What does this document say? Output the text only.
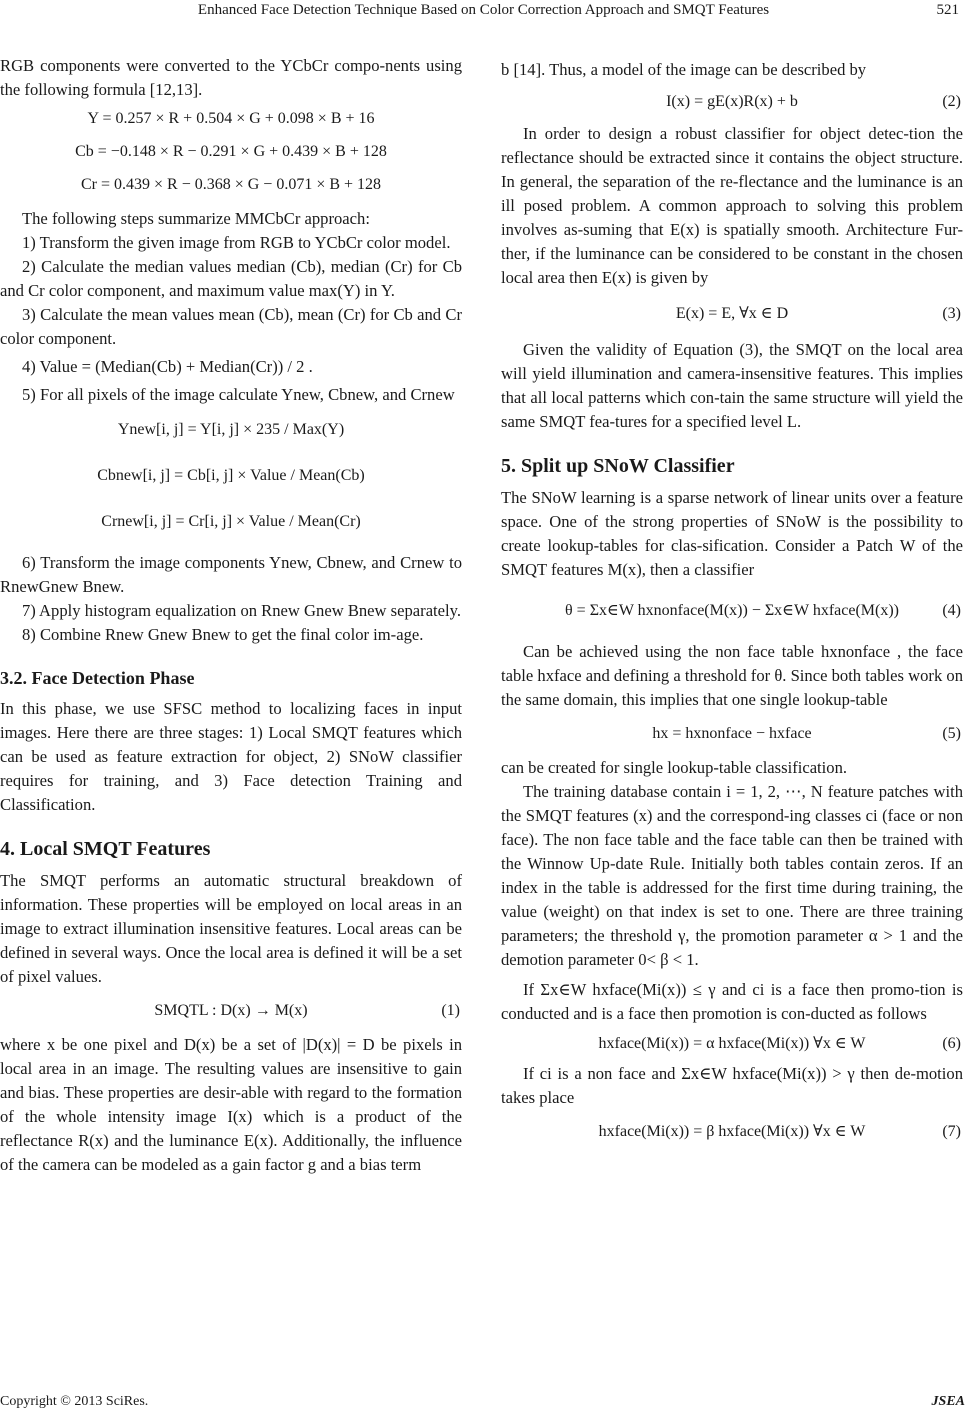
Enhanced Face Detection Technique Based on Color Correction Approach and SMQT Features	521

RGB components were converted to the YCbCr compo-nents using the following formula [12,13].

Y = 0.257 × R + 0.504 × G + 0.098 × B + 16
Cb = −0.148 × R − 0.291 × G + 0.439 × B + 128
Cr = 0.439 × R − 0.368 × G − 0.071 × B + 128

The following steps summarize MMCbCr approach:

1) Transform the given image from RGB to YCbCr color model.

2) Calculate the median values median (Cb), median (Cr) for Cb and Cr color component, and maximum value max(Y) in Y.

3) Calculate the mean values mean (Cb), mean (Cr) for Cb and Cr color component.

4) Value = (Median(Cb) + Median(Cr)) / 2 .

5) For all pixels of the image calculate Ynew, Cbnew, and Crnew

Ynew[i, j] = Y[i, j] × 235 / Max(Y)
Cbnew[i, j] = Cb[i, j] × Value / Mean(Cb)
Crnew[i, j] = Cr[i, j] × Value / Mean(Cr)

6) Transform the image components Ynew, Cbnew, and Crnew to RnewGnew Bnew.

7) Apply histogram equalization on Rnew Gnew Bnew separately.

8) Combine Rnew Gnew Bnew to get the final color im-age.

3.2. Face Detection Phase

In this phase, we use SFSC method to localizing faces in input images. Here there are three stages: 1) Local SMQT features which can be used as feature extraction for object, 2) SNoW classifier requires for training, and 3) Face detection Training and Classification.

4. Local SMQT Features

The SMQT performs an automatic structural breakdown of information. These properties will be employed on local areas in an image to extract illumination insensitive features. Local areas can be defined in several ways. Once the local area is defined it will be a set of pixel values.

SMQTL : D(x) → M(x)	(1)

where x be one pixel and D(x) be a set of |D(x)| = D be pixels in local area in an image. The resulting values are insensitive to gain and bias. These properties are desir-able with regard to the formation of the whole intensity image I(x) which is a product of the reflectance R(x) and the luminance E(x). Additionally, the influence of the camera can be modeled as a gain factor g and a bias term

b [14]. Thus, a model of the image can be described by

I(x) = gE(x)R(x) + b	(2)

In order to design a robust classifier for object detec-tion the reflectance should be extracted since it contains the object structure. In general, the separation of the re-flectance and the luminance is an ill posed problem. A common approach to solving this problem involves as-suming that E(x) is spatially smooth. Architecture Fur-ther, if the luminance can be considered to be constant in the chosen local area then E(x) is given by

E(x) = E, ∀x ∈ D	(3)

Given the validity of Equation (3), the SMQT on the local area will yield illumination and camera-insensitive features. This implies that all local patterns which con-tain the same structure will yield the same SMQT fea-tures for a specified level L.

5. Split up SNoW Classifier

The SNoW learning is a sparse network of linear units over a feature space. One of the strong properties of SNoW is the possibility to create lookup-tables for clas-sification. Consider a Patch W of the SMQT features M(x), then a classifier

θ = Σx∈W hxnonface(M(x)) − Σx∈W hxface(M(x))	(4)

Can be achieved using the non face table hxnonface , the face table hxface and defining a threshold for θ. Since both tables work on the same domain, this implies that one single lookup-table

hx = hxnonface − hxface	(5)

can be created for single lookup-table classification.

The training database contain i = 1, 2, ⋯, N feature patches with the SMQT features (x) and the correspond-ing classes ci (face or non face). The non face table and the face table can then be trained with the Winnow Up-date Rule. Initially both tables contain zeros. If an index in the table is addressed for the first time during training, the value (weight) on that index is set to one. There are three training parameters; the threshold γ, the promotion parameter α > 1 and the demotion parameter 0< β < 1.

If Σx∈W hxface(Mi(x)) ≤ γ and ci is a face then promo-tion is conducted and is a face then promotion is con-ducted as follows

hxface(Mi(x)) = α hxface(Mi(x)) ∀x ∈ W	(6)

If ci is a non face and Σx∈W hxface(Mi(x)) > γ then de-motion takes place

hxface(Mi(x)) = β hxface(Mi(x)) ∀x ∈ W	(7)
Copyright © 2013 SciRes.	JSEA
